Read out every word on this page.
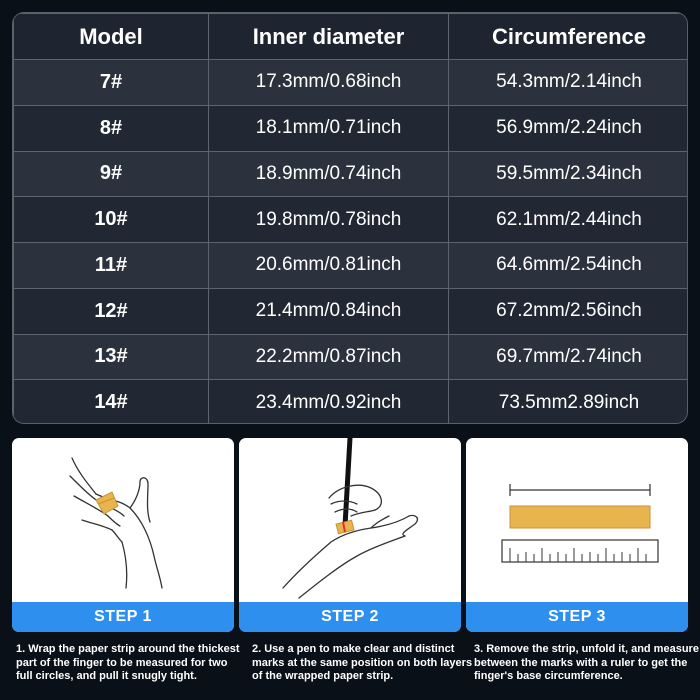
Model	Inner diameter	Circumference
7#	17.3mm/0.68inch	54.3mm/2.14inch
8#	18.1mm/0.71inch	56.9mm/2.24inch
9#	18.9mm/0.74inch	59.5mm/2.34inch
10#	19.8mm/0.78inch	62.1mm/2.44inch
11#	20.6mm/0.81inch	64.6mm/2.54inch
12#	21.4mm/0.84inch	67.2mm/2.56inch
13#	22.2mm/0.87inch	69.7mm/2.74inch
14#	23.4mm/0.92inch	73.5mm2.89inch
STEP 1	STEP 2	STEP 3
1. Wrap the paper strip around the thickest part of the finger to be measured for two full circles, and pull it snugly tight.
2. Use a pen to make clear and distinct marks at the same position on both layers of the wrapped paper strip.
3. Remove the strip, unfold it, and measure between the marks with a ruler to get the finger's base circumference.
